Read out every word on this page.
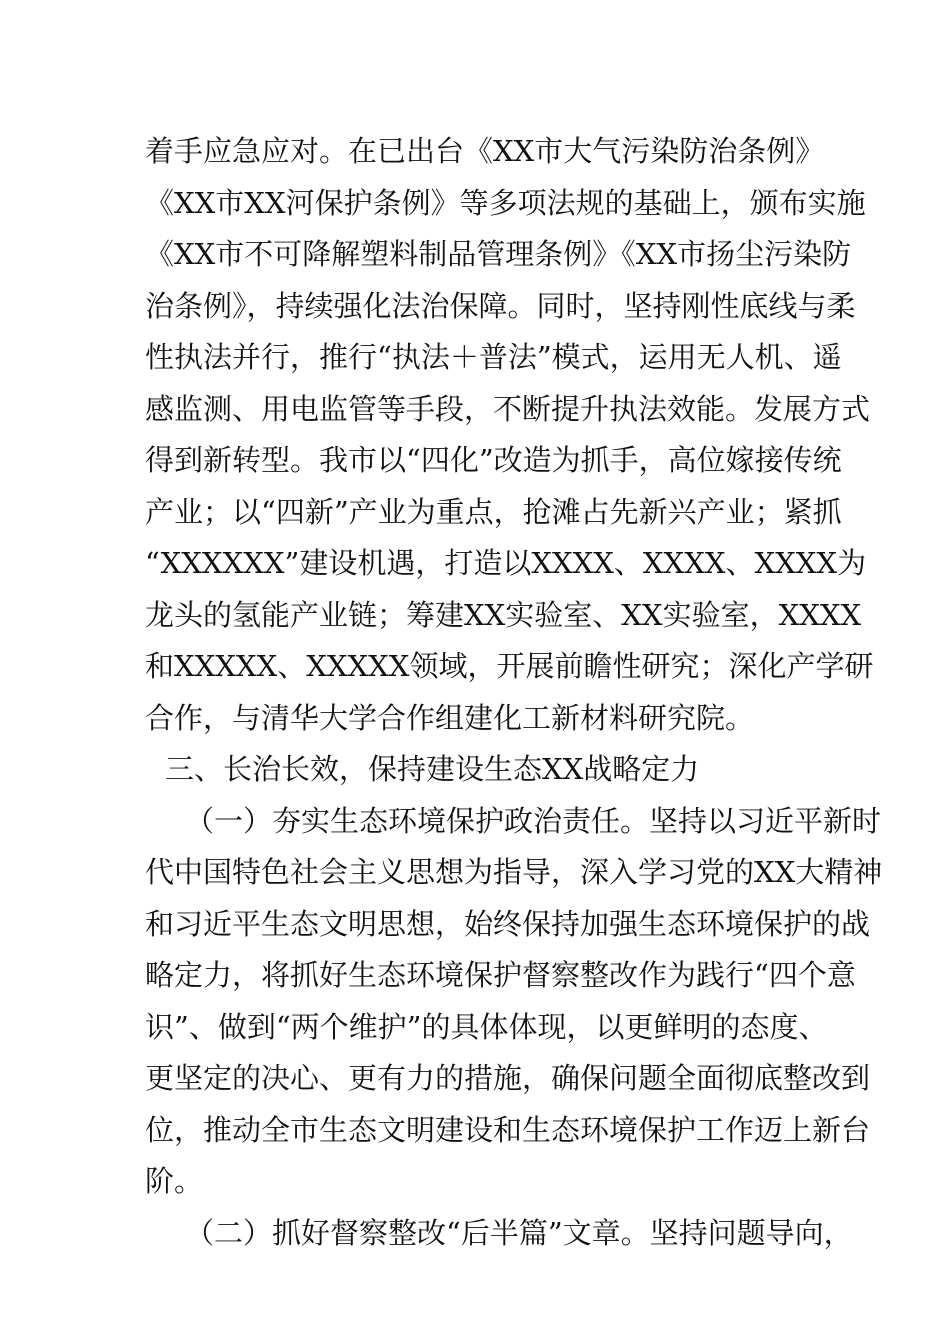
着手应急应对。在已出台《XX市大气污染防治条例》
《XX市XX河保护条例》等多项法规的基础上，颁布实施
《XX市不可降解塑料制品管理条例》《XX市扬尘污染防
治条例》，持续强化法治保障。同时，坚持刚性底线与柔
性执法并行，推行“执法＋普法”模式，运用无人机、遥
感监测、用电监管等手段，不断提升执法效能。发展方式
得到新转型。我市以“四化”改造为抓手，高位嫁接传统
产业；以“四新”产业为重点，抢滩占先新兴产业；紧抓
“XXXXXX”建设机遇，打造以XXXX、XXXX、XXXX为
龙头的氢能产业链；筹建XX实验室、XX实验室，XXXX
和XXXXX、XXXXX领域，开展前瞻性研究；深化产学研
合作，与清华大学合作组建化工新材料研究院。
三、长治长效，保持建设生态XX战略定力
（一）夯实生态环境保护政治责任。坚持以习近平新时
代中国特色社会主义思想为指导，深入学习党的XX大精神
和习近平生态文明思想，始终保持加强生态环境保护的战
略定力，将抓好生态环境保护督察整改作为践行“四个意
识”、做到“两个维护”的具体体现，以更鲜明的态度、
更坚定的决心、更有力的措施，确保问题全面彻底整改到
位，推动全市生态文明建设和生态环境保护工作迈上新台
阶。
（二）抓好督察整改“后半篇”文章。坚持问题导向，
